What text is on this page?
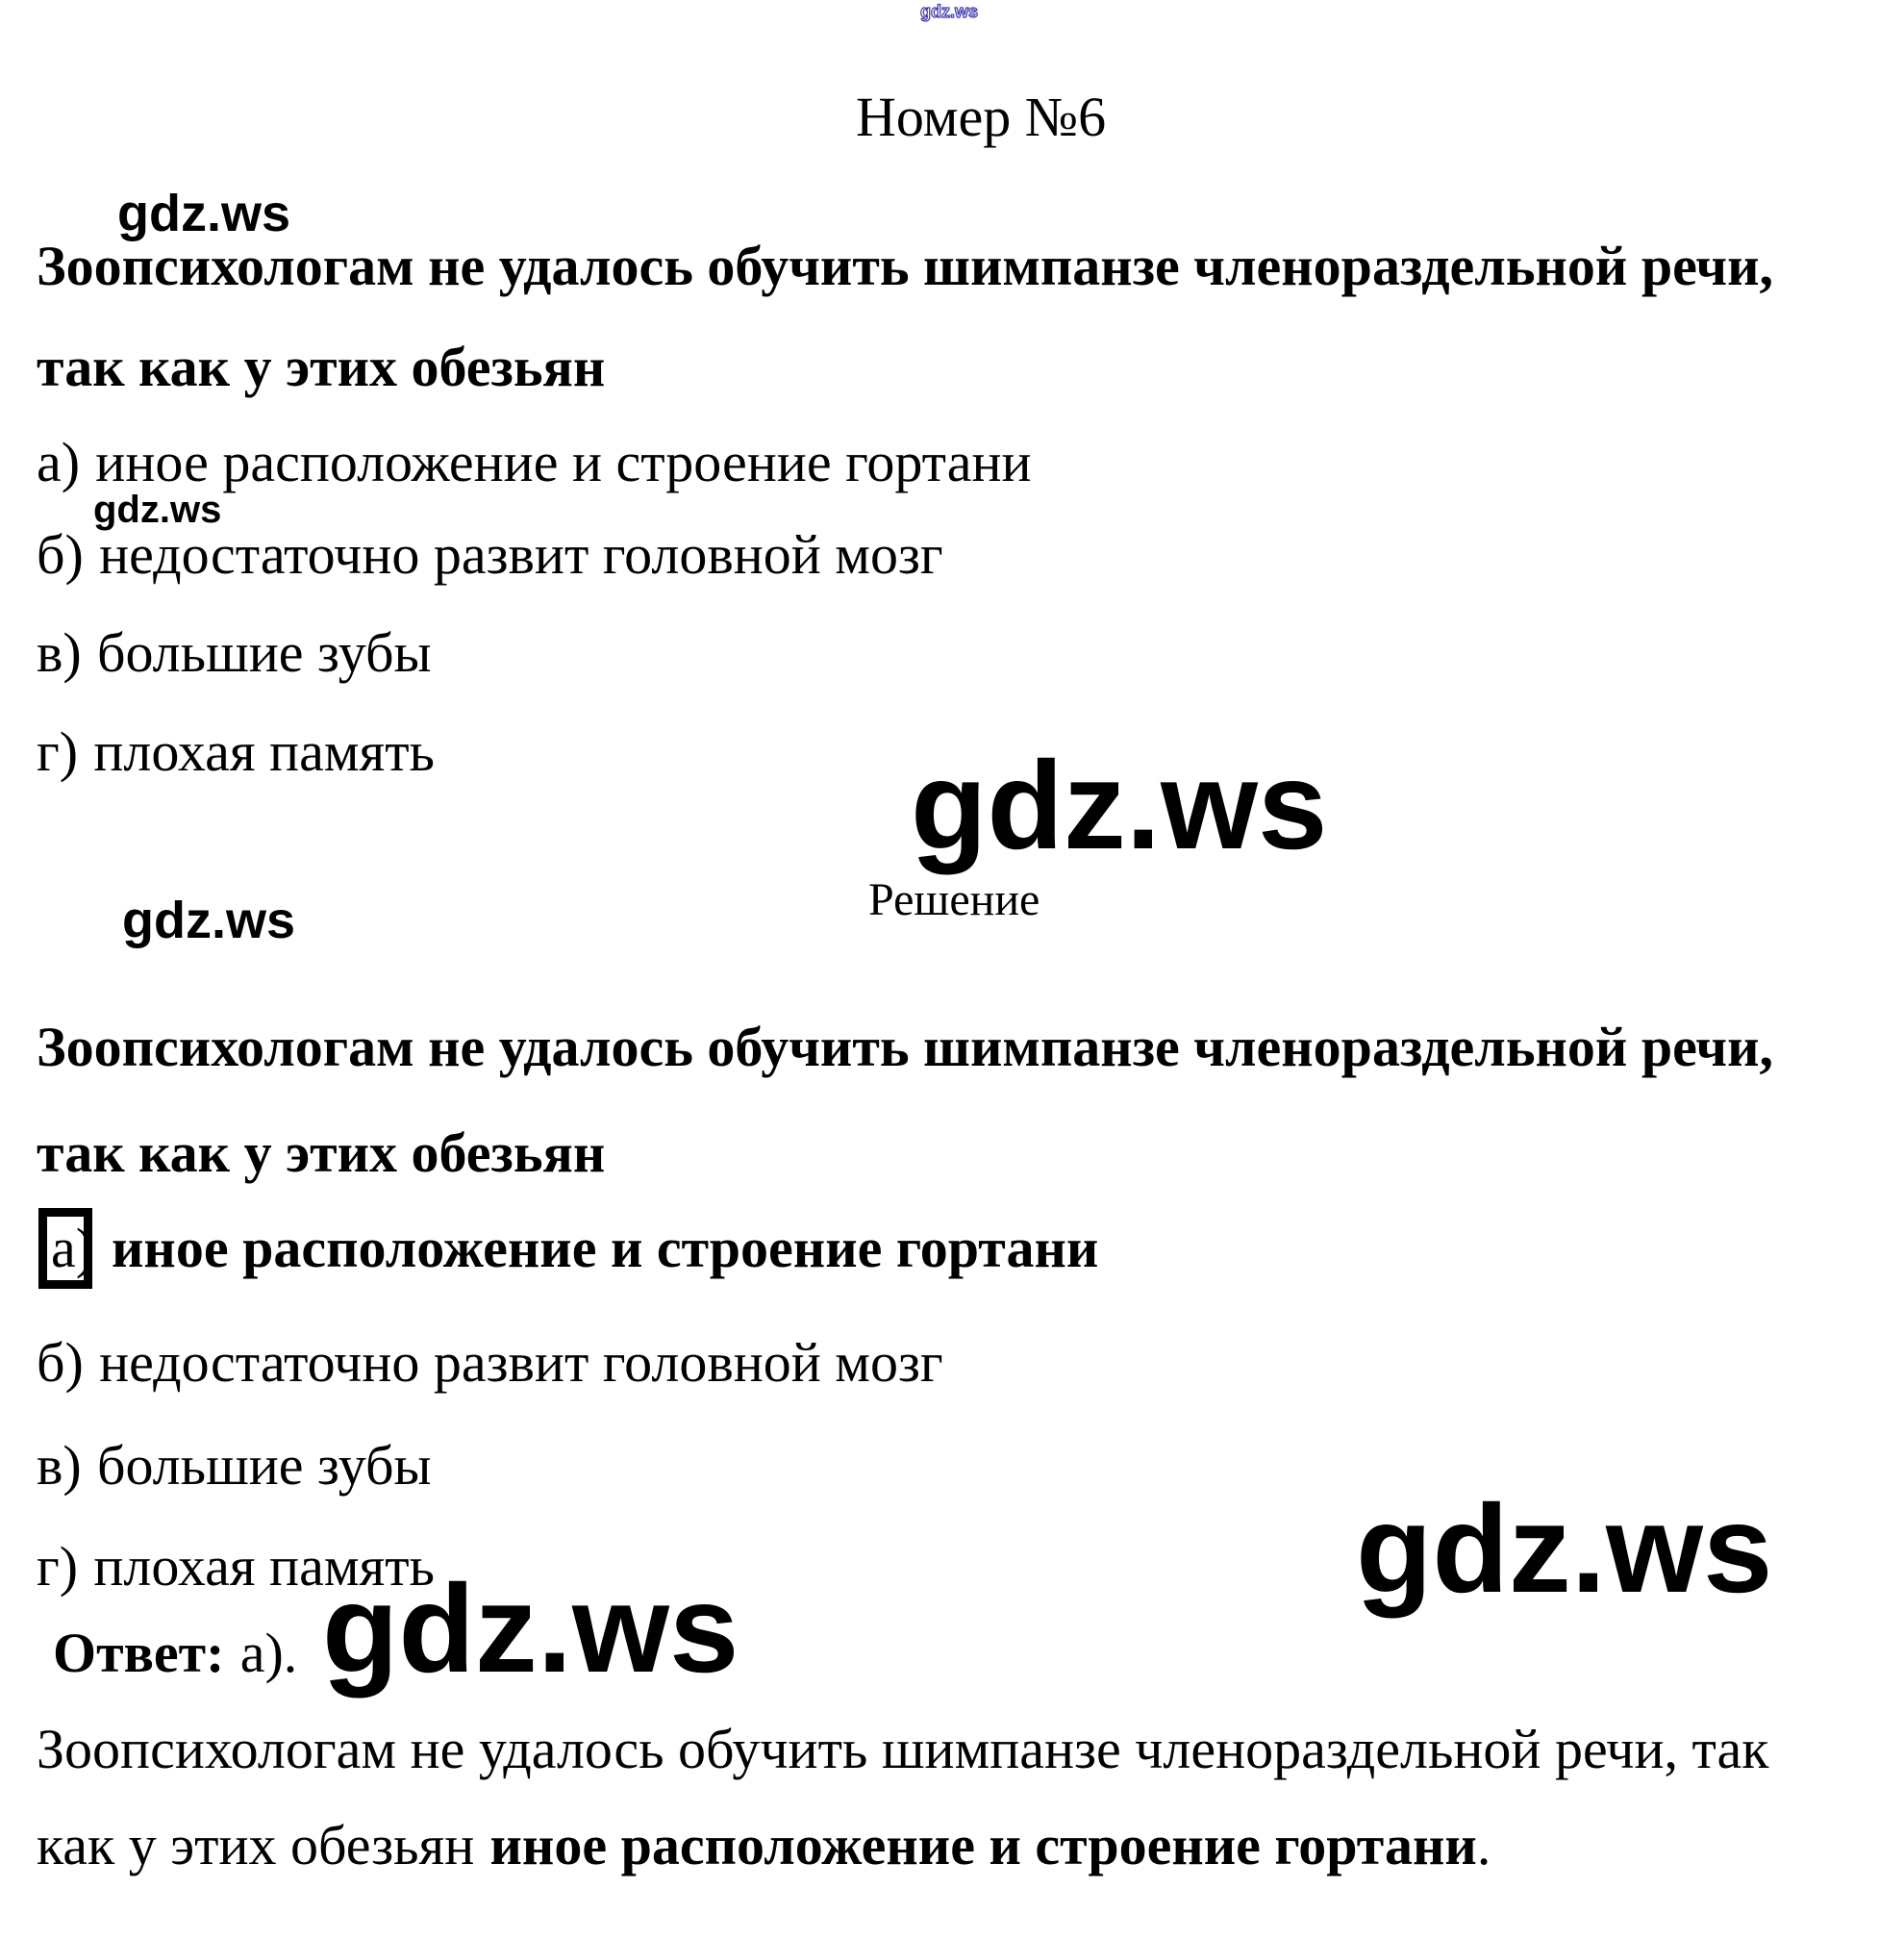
gdz.ws
Номер №6
gdz.ws
Зоопсихологам не удалось обучить шимпанзе членораздельной речи,
так как у этих обезьян
а) иное расположение и строение гортани
gdz.ws
б) недостаточно развит головной мозг
в) большие зубы
г) плохая память	gdz.ws
Решение
gdz.ws
Зоопсихологам не удалось обучить шимпанзе членораздельной речи,
так как у этих обезьян
а) иное расположение и строение гортани
б) недостаточно развит головной мозг
в) большие зубы
г) плохая память	gdz.ws
gdz.ws
Ответ: а).
Зоопсихологам не удалось обучить шимпанзе членораздельной речи, так
как у этих обезьян иное расположение и строение гортани.
